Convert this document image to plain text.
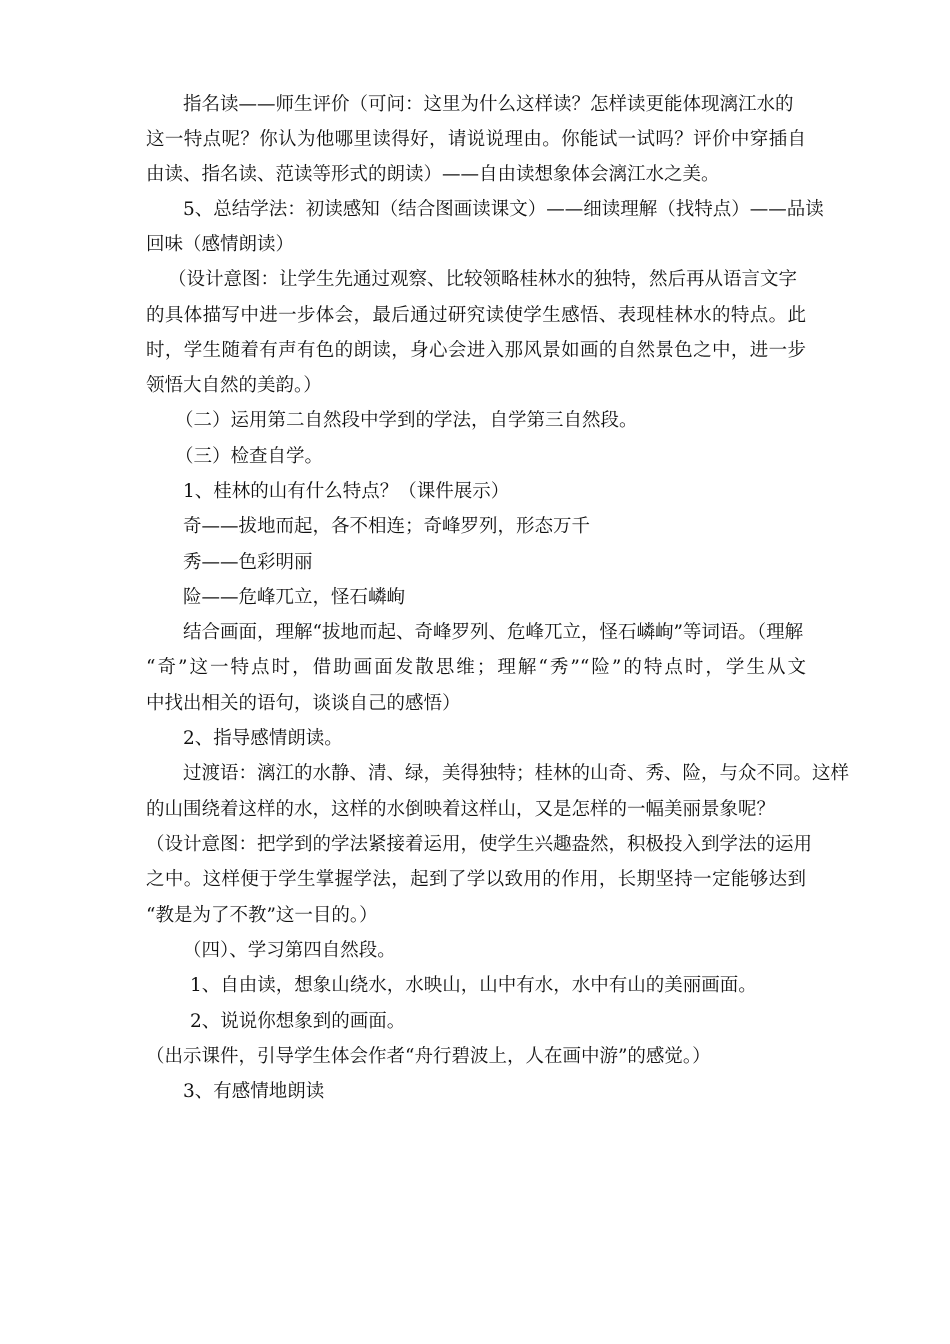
指名读——师生评价（可问：这里为什么这样读？怎样读更能体现漓江水的
这一特点呢？你认为他哪里读得好，请说说理由。你能试一试吗？评价中穿插自
由读、指名读、范读等形式的朗读）——自由读想象体会漓江水之美。
5、总结学法：初读感知（结合图画读课文）——细读理解（找特点）——品读
回味（感情朗读）
（设计意图：让学生先通过观察、比较领略桂林水的独特，然后再从语言文字
的具体描写中进一步体会，最后通过研究读使学生感悟、表现桂林水的特点。此
时，学生随着有声有色的朗读，身心会进入那风景如画的自然景色之中，进一步
领悟大自然的美韵。）
（二）运用第二自然段中学到的学法，自学第三自然段。
（三）检查自学。
1、桂林的山有什么特点？（课件展示）
奇——拔地而起，各不相连；奇峰罗列，形态万千
秀——色彩明丽
险——危峰兀立，怪石嶙峋
结合画面，理解“拔地而起、奇峰罗列、危峰兀立，怪石嶙峋”等词语。（理解
“奇”这一特点时，借助画面发散思维；理解“秀”“险”的特点时，学生从文
中找出相关的语句，谈谈自己的感悟）
2、指导感情朗读。
过渡语：漓江的水静、清、绿，美得独特；桂林的山奇、秀、险，与众不同。这样
的山围绕着这样的水，这样的水倒映着这样山，又是怎样的一幅美丽景象呢？
（设计意图：把学到的学法紧接着运用，使学生兴趣盎然，积极投入到学法的运用
之中。这样便于学生掌握学法，起到了学以致用的作用，长期坚持一定能够达到
“教是为了不教”这一目的。）
（四）、学习第四自然段。
1、自由读，想象山绕水，水映山，山中有水，水中有山的美丽画面。
2、说说你想象到的画面。
（出示课件，引导学生体会作者“舟行碧波上，人在画中游”的感觉。）
3、有感情地朗读
